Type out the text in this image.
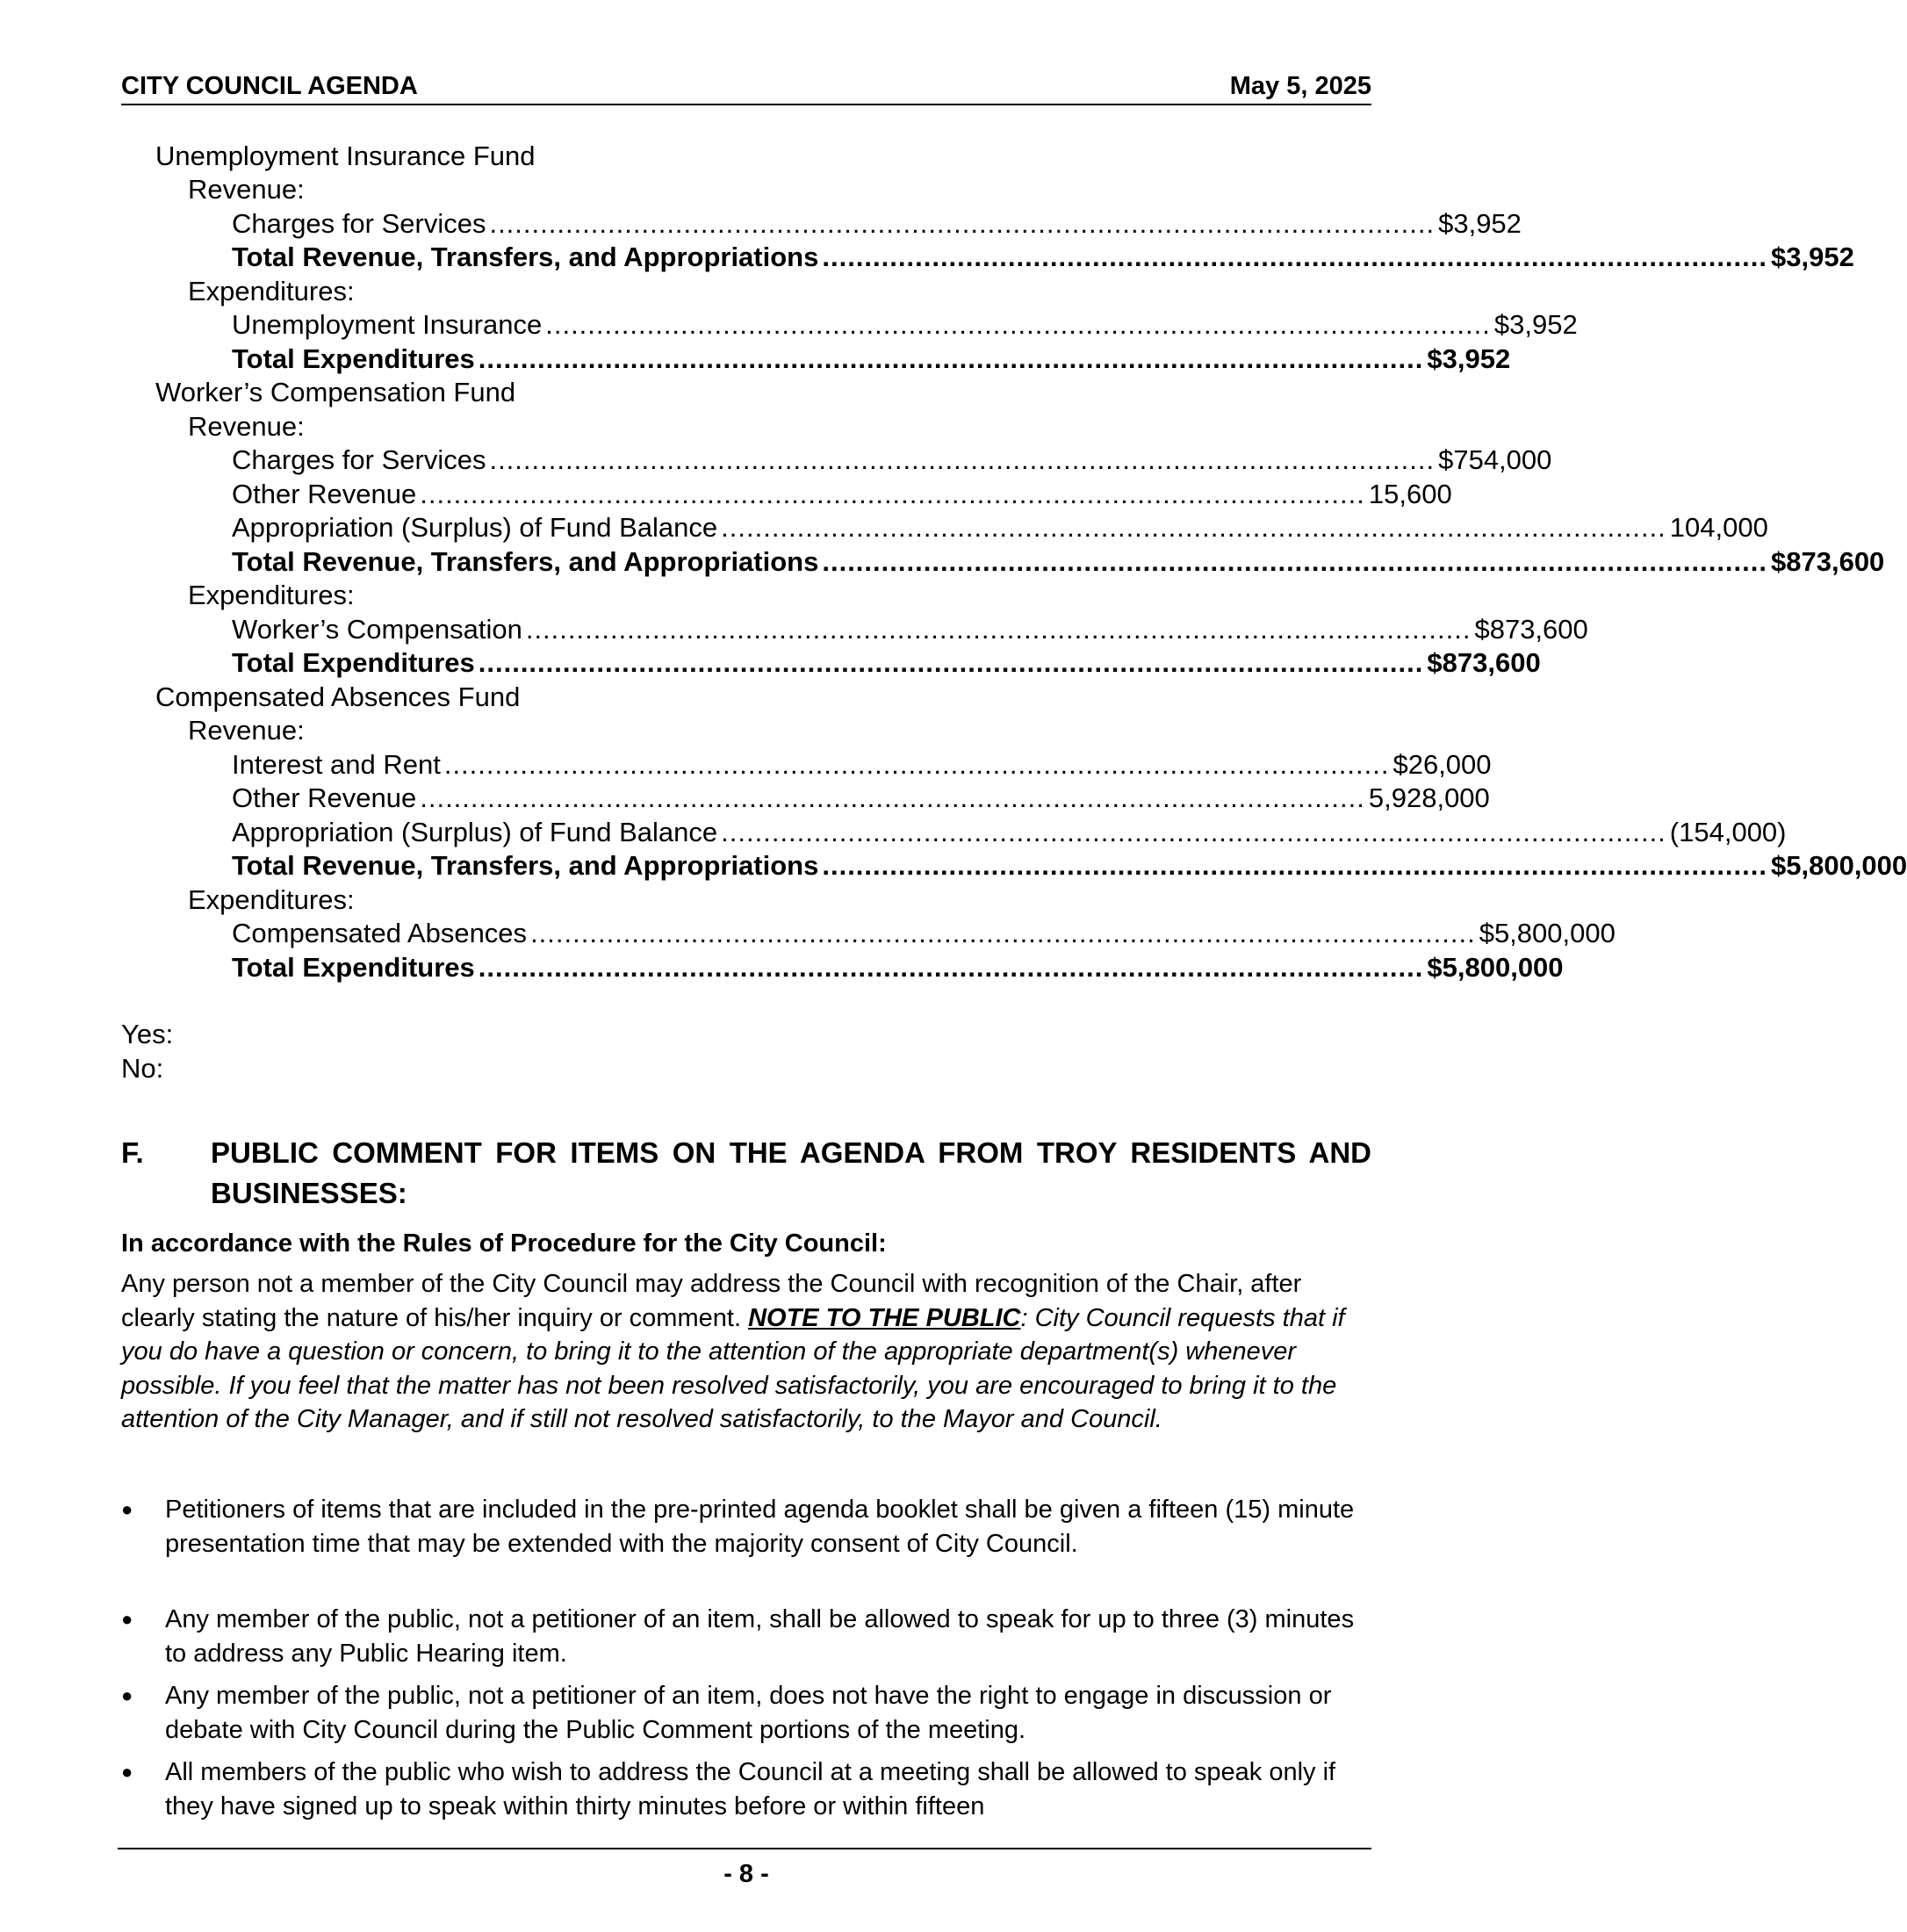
CITY COUNCIL AGENDA	May 5, 2025
Unemployment Insurance Fund
Revenue:
Charges for Services ................................................................................................................ $3,952
Total Revenue, Transfers, and Appropriations ................................................................................................................ $3,952
Expenditures:
Unemployment Insurance ................................................................................................................ $3,952
Total Expenditures ................................................................................................................ $3,952
Worker’s Compensation Fund
Revenue:
Charges for Services ................................................................................................................ $754,000
Other Revenue ................................................................................................................ 15,600
Appropriation (Surplus) of Fund Balance ................................................................................................................ 104,000
Total Revenue, Transfers, and Appropriations ................................................................................................................ $873,600
Expenditures:
Worker’s Compensation ................................................................................................................ $873,600
Total Expenditures ................................................................................................................ $873,600
Compensated Absences Fund
Revenue:
Interest and Rent ................................................................................................................ $26,000
Other Revenue ................................................................................................................ 5,928,000
Appropriation (Surplus) of Fund Balance ................................................................................................................ (154,000)
Total Revenue, Transfers, and Appropriations ................................................................................................................ $5,800,000
Expenditures:
Compensated Absences ................................................................................................................ $5,800,000
Total Expenditures ................................................................................................................ $5,800,000
Yes:
No:
F. PUBLIC COMMENT FOR ITEMS ON THE AGENDA FROM TROY RESIDENTS AND BUSINESSES:
In accordance with the Rules of Procedure for the City Council:
Any person not a member of the City Council may address the Council with recognition of the Chair, after clearly stating the nature of his/her inquiry or comment. NOTE TO THE PUBLIC: City Council requests that if you do have a question or concern, to bring it to the attention of the appropriate department(s) whenever possible. If you feel that the matter has not been resolved satisfactorily, you are encouraged to bring it to the attention of the City Manager, and if still not resolved satisfactorily, to the Mayor and Council.
● Petitioners of items that are included in the pre-printed agenda booklet shall be given a fifteen (15) minute presentation time that may be extended with the majority consent of City Council.
● Any member of the public, not a petitioner of an item, shall be allowed to speak for up to three (3) minutes to address any Public Hearing item.
● Any member of the public, not a petitioner of an item, does not have the right to engage in discussion or debate with City Council during the Public Comment portions of the meeting.
● All members of the public who wish to address the Council at a meeting shall be allowed to speak only if they have signed up to speak within thirty minutes before or within fifteen
- 8 -
